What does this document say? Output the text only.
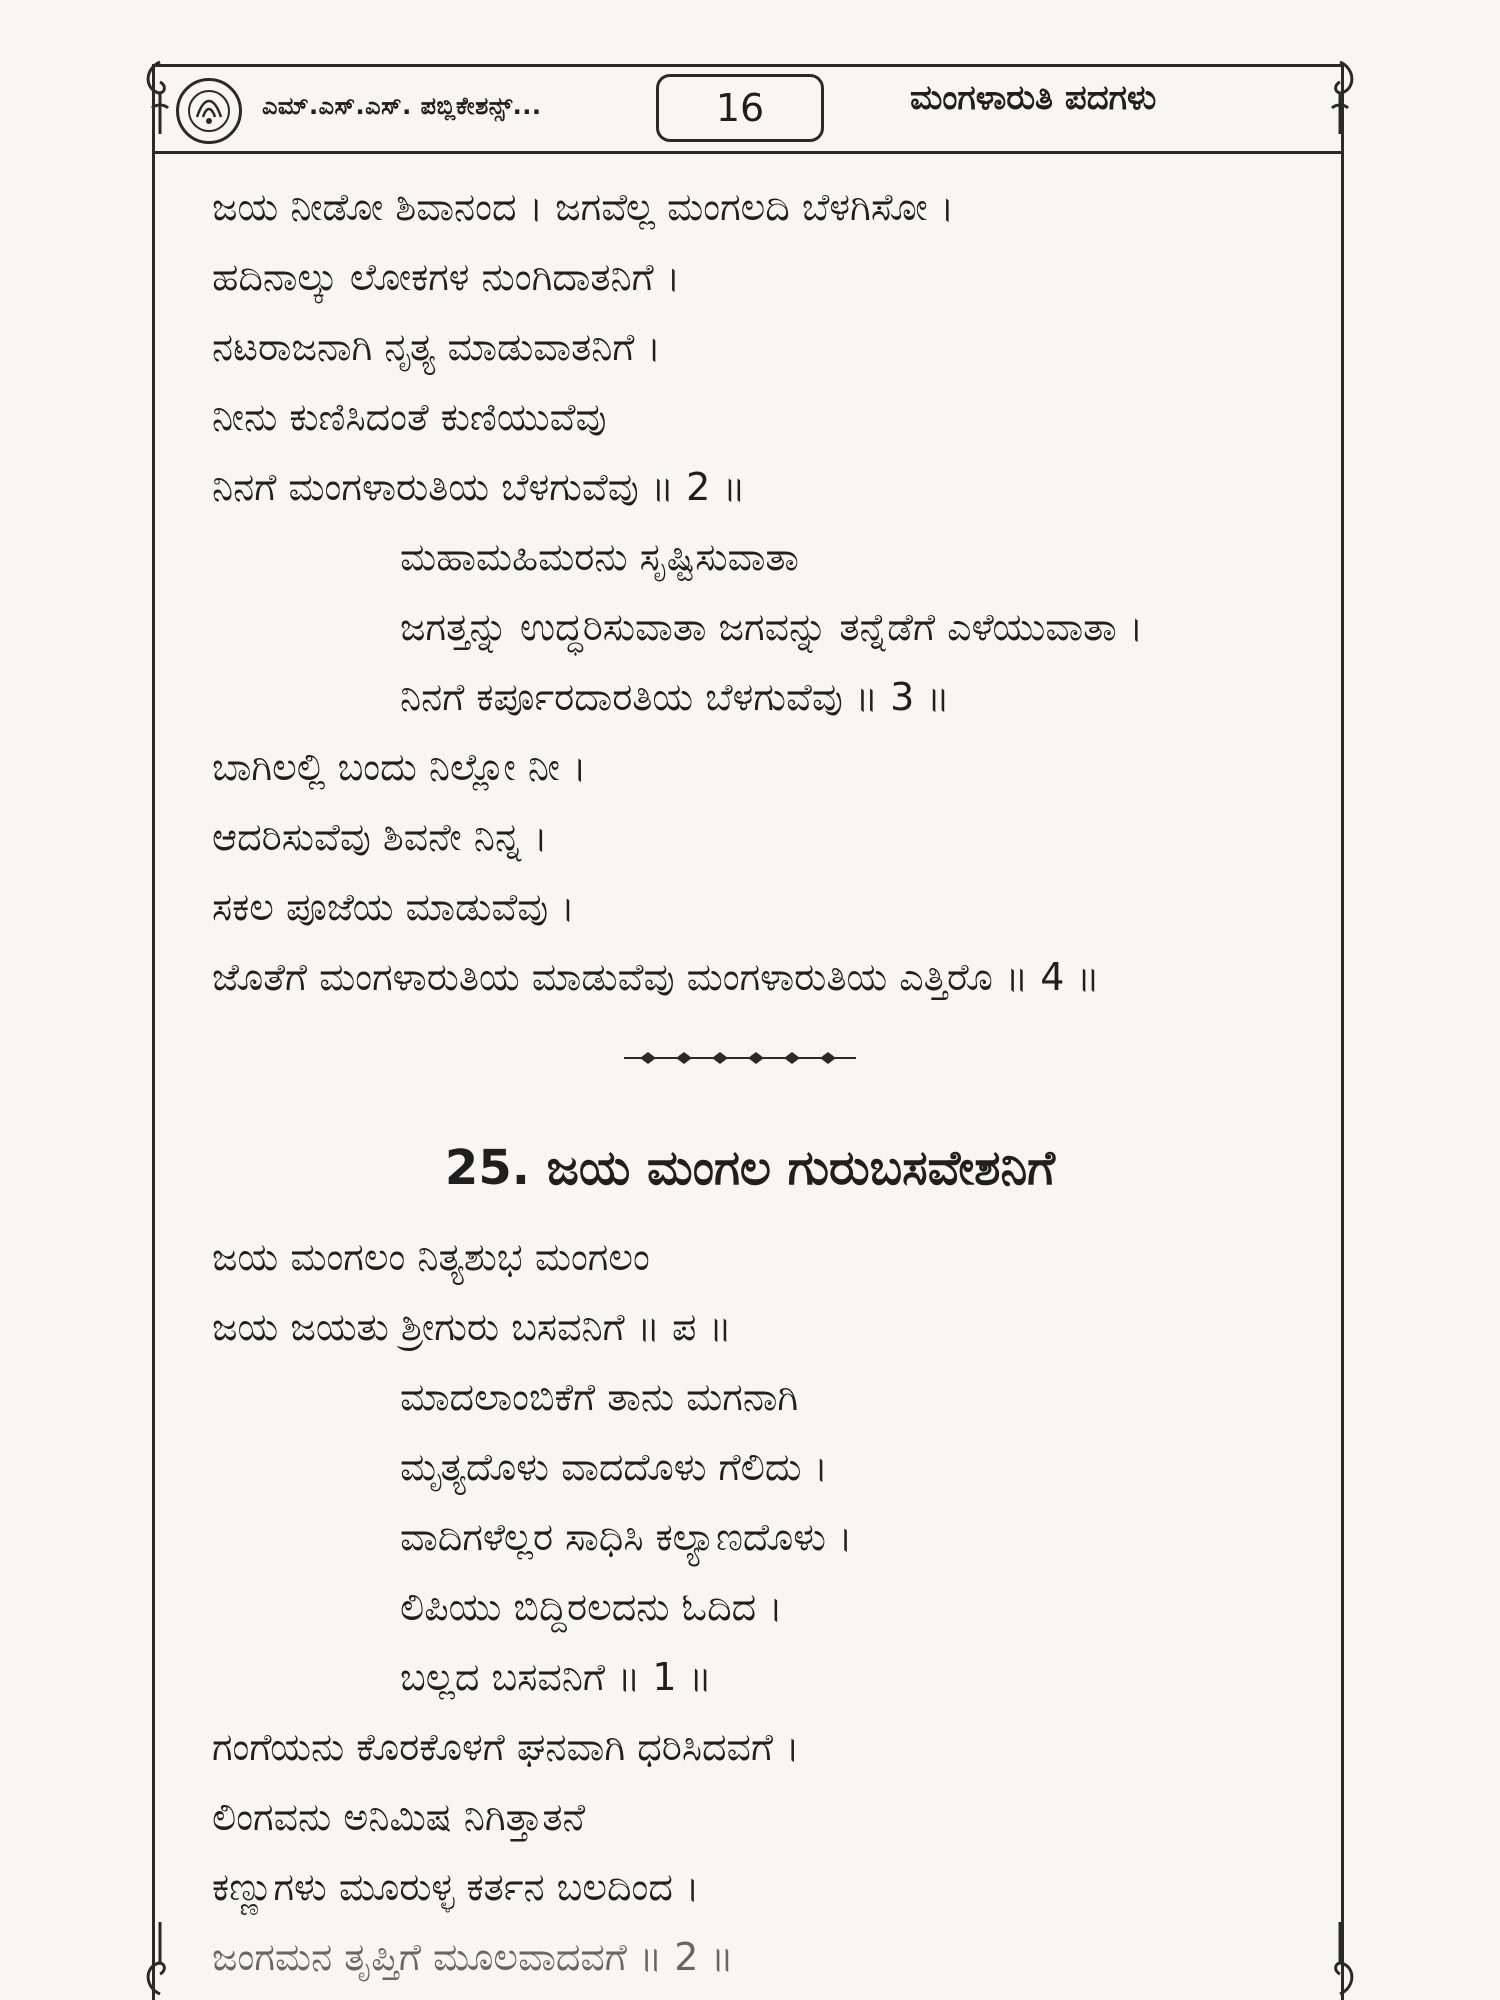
ಎಮ್.ಎಸ್.ಎಸ್. ಪಬ್ಲಿಕೇಶನ್ಸ್...	16	ಮಂಗಳಾರುತಿ ಪದಗಳು
ಜಯ ನೀಡೋ ಶಿವಾನಂದ । ಜಗವೆಲ್ಲ ಮಂಗಲದಿ ಬೆಳಗಿಸೋ ।
ಹದಿನಾಲ್ಕು ಲೋಕಗಳ ನುಂಗಿದಾತನಿಗೆ ।
ನಟರಾಜನಾಗಿ ನೃತ್ಯ ಮಾಡುವಾತನಿಗೆ ।
ನೀನು ಕುಣಿಸಿದಂತೆ ಕುಣಿಯುವೆವು
ನಿನಗೆ ಮಂಗಳಾರುತಿಯ ಬೆಳಗುವೆವು ॥ 2 ॥
ಮಹಾಮಹಿಮರನು ಸೃಷ್ಟಿಸುವಾತಾ
ಜಗತ್ತನ್ನು ಉದ್ಧರಿಸುವಾತಾ ಜಗವನ್ನು ತನ್ನೆಡೆಗೆ ಎಳೆಯುವಾತಾ ।
ನಿನಗೆ ಕರ್ಪೂರದಾರತಿಯ ಬೆಳಗುವೆವು ॥ 3 ॥
ಬಾಗಿಲಲ್ಲಿ ಬಂದು ನಿಲ್ಲೋ ನೀ ।
ಆದರಿಸುವೆವು ಶಿವನೇ ನಿನ್ನ ।
ಸಕಲ ಪೂಜೆಯ ಮಾಡುವೆವು ।
ಜೊತೆಗೆ ಮಂಗಳಾರುತಿಯ ಮಾಡುವೆವು ಮಂಗಳಾರುತಿಯ ಎತ್ತಿರೊ ॥ 4 ॥
25. ಜಯ ಮಂಗಲ ಗುರುಬಸವೇಶನಿಗೆ
ಜಯ ಮಂಗಲಂ ನಿತ್ಯಶುಭ ಮಂಗಲಂ
ಜಯ ಜಯತು ಶ್ರೀಗುರು ಬಸವನಿಗೆ ॥ ಪ ॥
ಮಾದಲಾಂಬಿಕೆಗೆ ತಾನು ಮಗನಾಗಿ
ಮೃತ್ಯದೊಳು ವಾದದೊಳು ಗೆಲಿದು ।
ವಾದಿಗಳೆಲ್ಲರ ಸಾಧಿಸಿ ಕಲ್ಯಾಣದೊಳು ।
ಲಿಪಿಯು ಬಿದ್ದಿರಲದನು ಓದಿದ ।
ಬಲ್ಲದ ಬಸವನಿಗೆ ॥ 1 ॥
ಗಂಗೆಯನು ಕೊರಕೊಳಗೆ ಘನವಾಗಿ ಧರಿಸಿದವಗೆ ।
ಲಿಂಗವನು ಅನಿಮಿಷ ನಿಗಿತ್ತಾತನೆ
ಕಣ್ಣುಗಳು ಮೂರುಳ್ಳ ಕರ್ತನ ಬಲದಿಂದ ।
ಜಂಗಮನ ತೃಪ್ತಿಗೆ ಮೂಲವಾದವಗೆ ॥ 2 ॥
